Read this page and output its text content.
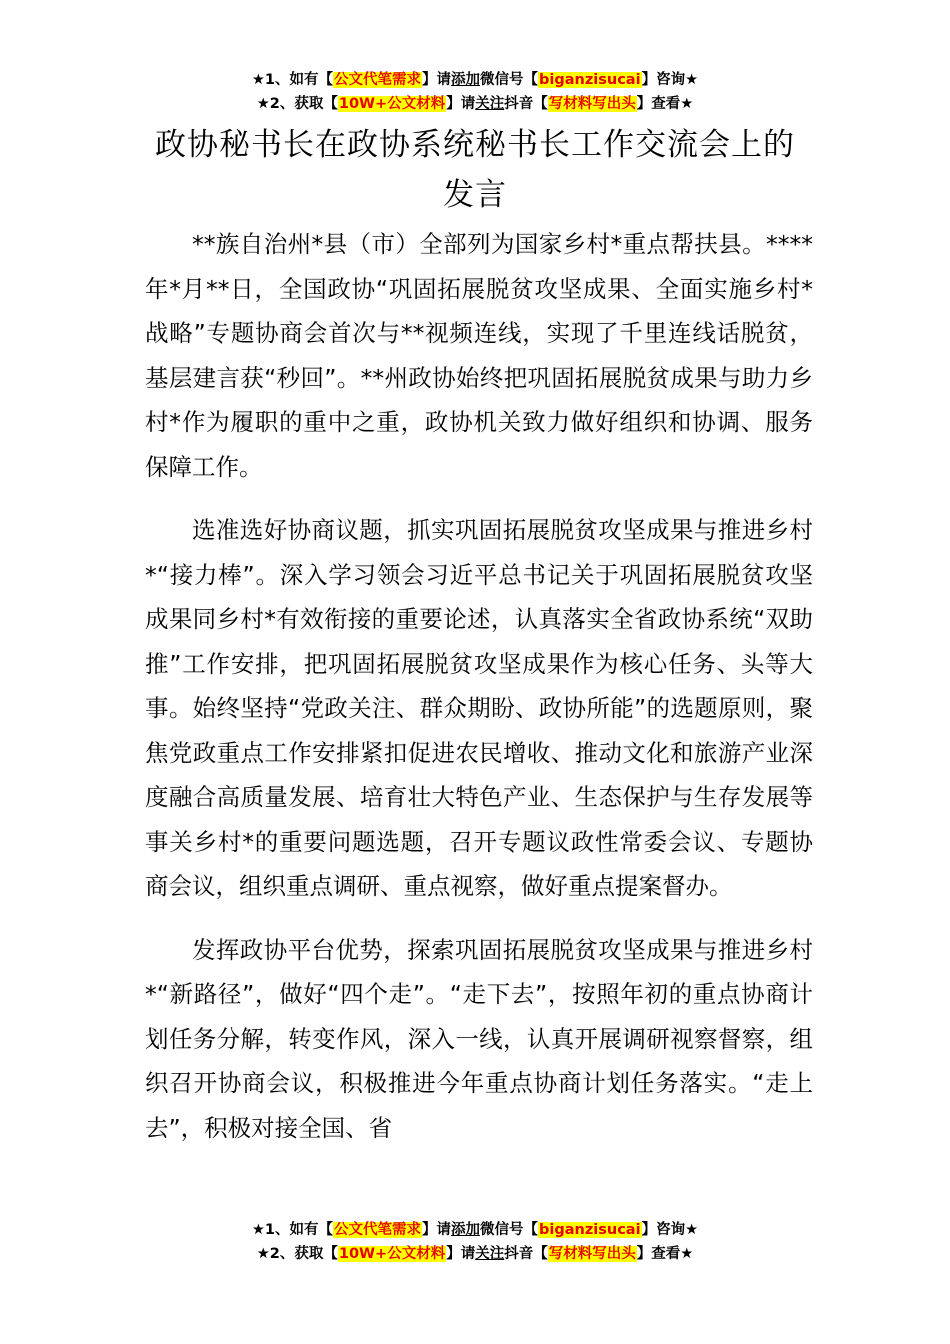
★1、如有【公文代笔需求】请添加微信号【biganzisucai】咨询★
★2、获取【10W+公文材料】请关注抖音【写材料写出头】查看★
政协秘书长在政协系统秘书长工作交流会上的发言

**族自治州*县（市）全部列为国家乡村*重点帮扶县。****年*月**日，全国政协“巩固拓展脱贫攻坚成果、全面实施乡村*战略”专题协商会首次与**视频连线，实现了千里连线话脱贫，基层建言获“秒回”。**州政协始终把巩固拓展脱贫成果与助力乡村*作为履职的重中之重，政协机关致力做好组织和协调、服务保障工作。

选准选好协商议题，抓实巩固拓展脱贫攻坚成果与推进乡村*“接力棒”。深入学习领会习近平总书记关于巩固拓展脱贫攻坚成果同乡村*有效衔接的重要论述，认真落实全省政协系统“双助推”工作安排，把巩固拓展脱贫攻坚成果作为核心任务、头等大事。始终坚持“党政关注、群众期盼、政协所能”的选题原则，聚焦党政重点工作安排紧扣促进农民增收、推动文化和旅游产业深度融合高质量发展、培育壮大特色产业、生态保护与生存发展等事关乡村*的重要问题选题，召开专题议政性常委会议、专题协商会议，组织重点调研、重点视察，做好重点提案督办。

发挥政协平台优势，探索巩固拓展脱贫攻坚成果与推进乡村*“新路径”，做好“四个走”。“走下去”，按照年初的重点协商计划任务分解，转变作风，深入一线，认真开展调研视察督察，组织召开协商会议，积极推进今年重点协商计划任务落实。“走上去”，积极对接全国、省

★1、如有【公文代笔需求】请添加微信号【biganzisucai】咨询★
★2、获取【10W+公文材料】请关注抖音【写材料写出头】查看★
